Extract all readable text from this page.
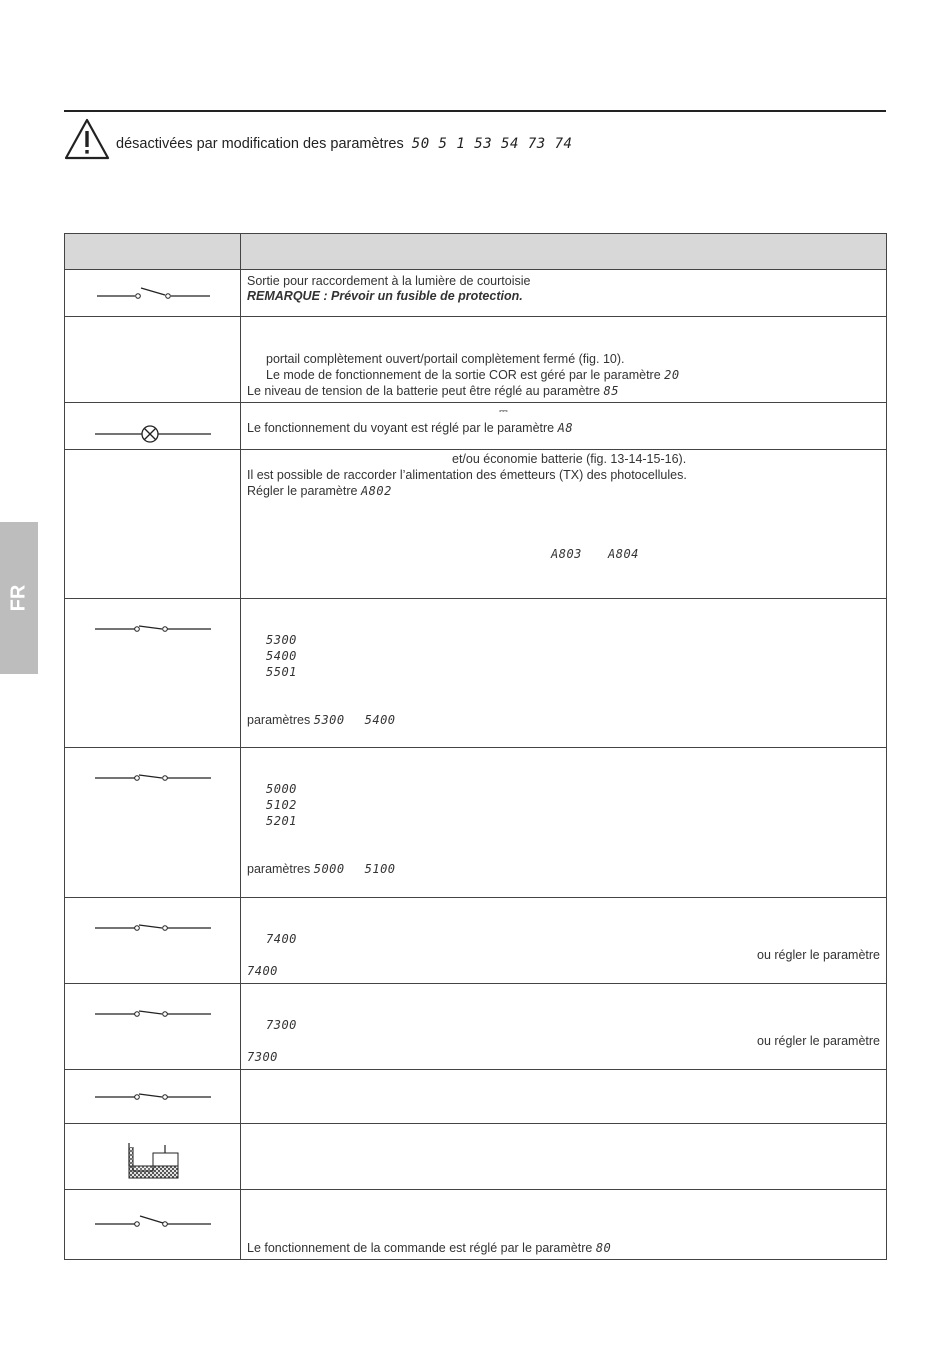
désactivées par modification des paramètres 50 5 1 53 54 73 74
FR
Sortie pour raccordement à la lumière de courtoisie
REMARQUE : Prévoir un fusible de protection.
portail complètement ouvert/portail complètement fermé (fig. 10).
Le mode de fonctionnement de la sortie COR est géré par le paramètre 20
Le niveau de tension de la batterie peut être réglé au paramètre 85
⎓
Le fonctionnement du voyant est réglé par le paramètre A8
et/ou économie batterie (fig. 13-14-15-16).
Il est possible de raccorder l’alimentation des émetteurs (TX) des photocellules.
Régler le paramètre A802
A803 A804
5300
5400
5501
paramètres 5300 5400
5000
5102
5201
paramètres 5000 5100
7400
ou régler le paramètre
7400
7300
ou régler le paramètre
7300
Le fonctionnement de la commande est réglé par le paramètre 80
